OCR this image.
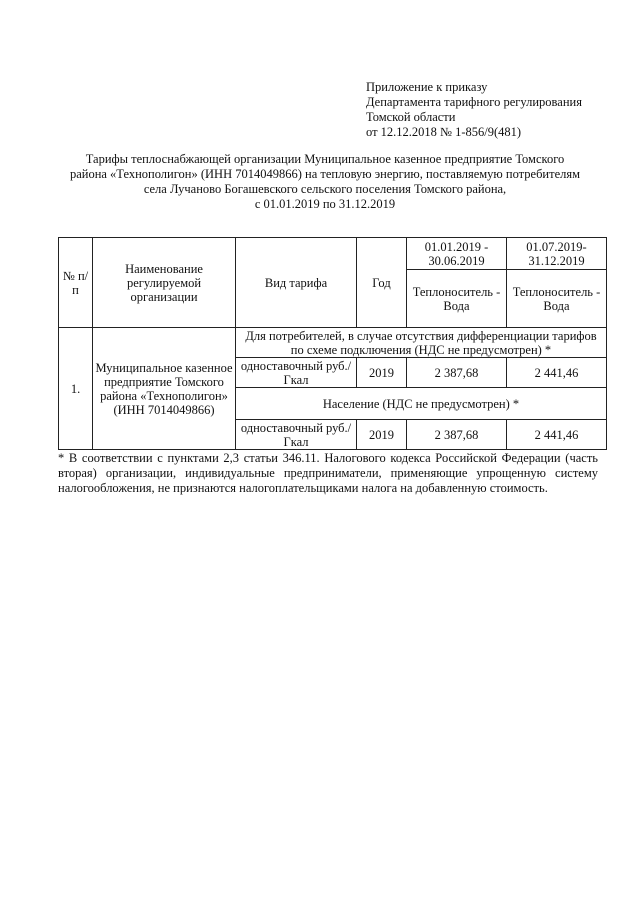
Приложение к приказу
Департамента тарифного регулирования
Томской области
от 12.12.2018 № 1-856/9(481)
Тарифы теплоснабжающей организации Муниципальное казенное предприятие Томского
района «Технополигон» (ИНН 7014049866) на тепловую энергию, поставляемую потребителям
села Лучаново Богашевского сельского поселения Томского района,
с 01.01.2019 по 31.12.2019
№ п/п	Наименование регулируемой организации	Вид тарифа	Год	01.01.2019 - 30.06.2019	01.07.2019- 31.12.2019
				Теплоноситель - Вода	Теплоноситель - Вода
1.	Муниципальное казенное предприятие Томского района «Технополигон» (ИНН 7014049866)	Для потребителей, в случае отсутствия дифференциации тарифов по схеме подключения (НДС не предусмотрен) *			
		одноставочный руб./Гкал	2019	2 387,68	2 441,46
		Население (НДС не предусмотрен) *			
		одноставочный руб./Гкал	2019	2 387,68	2 441,46
* В соответствии с пунктами 2,3 статьи 346.11. Налогового кодекса Российской Федерации (часть вторая) организации, индивидуальные предприниматели, применяющие упрощенную систему налогообложения, не признаются налогоплательщиками налога на добавленную стоимость.
